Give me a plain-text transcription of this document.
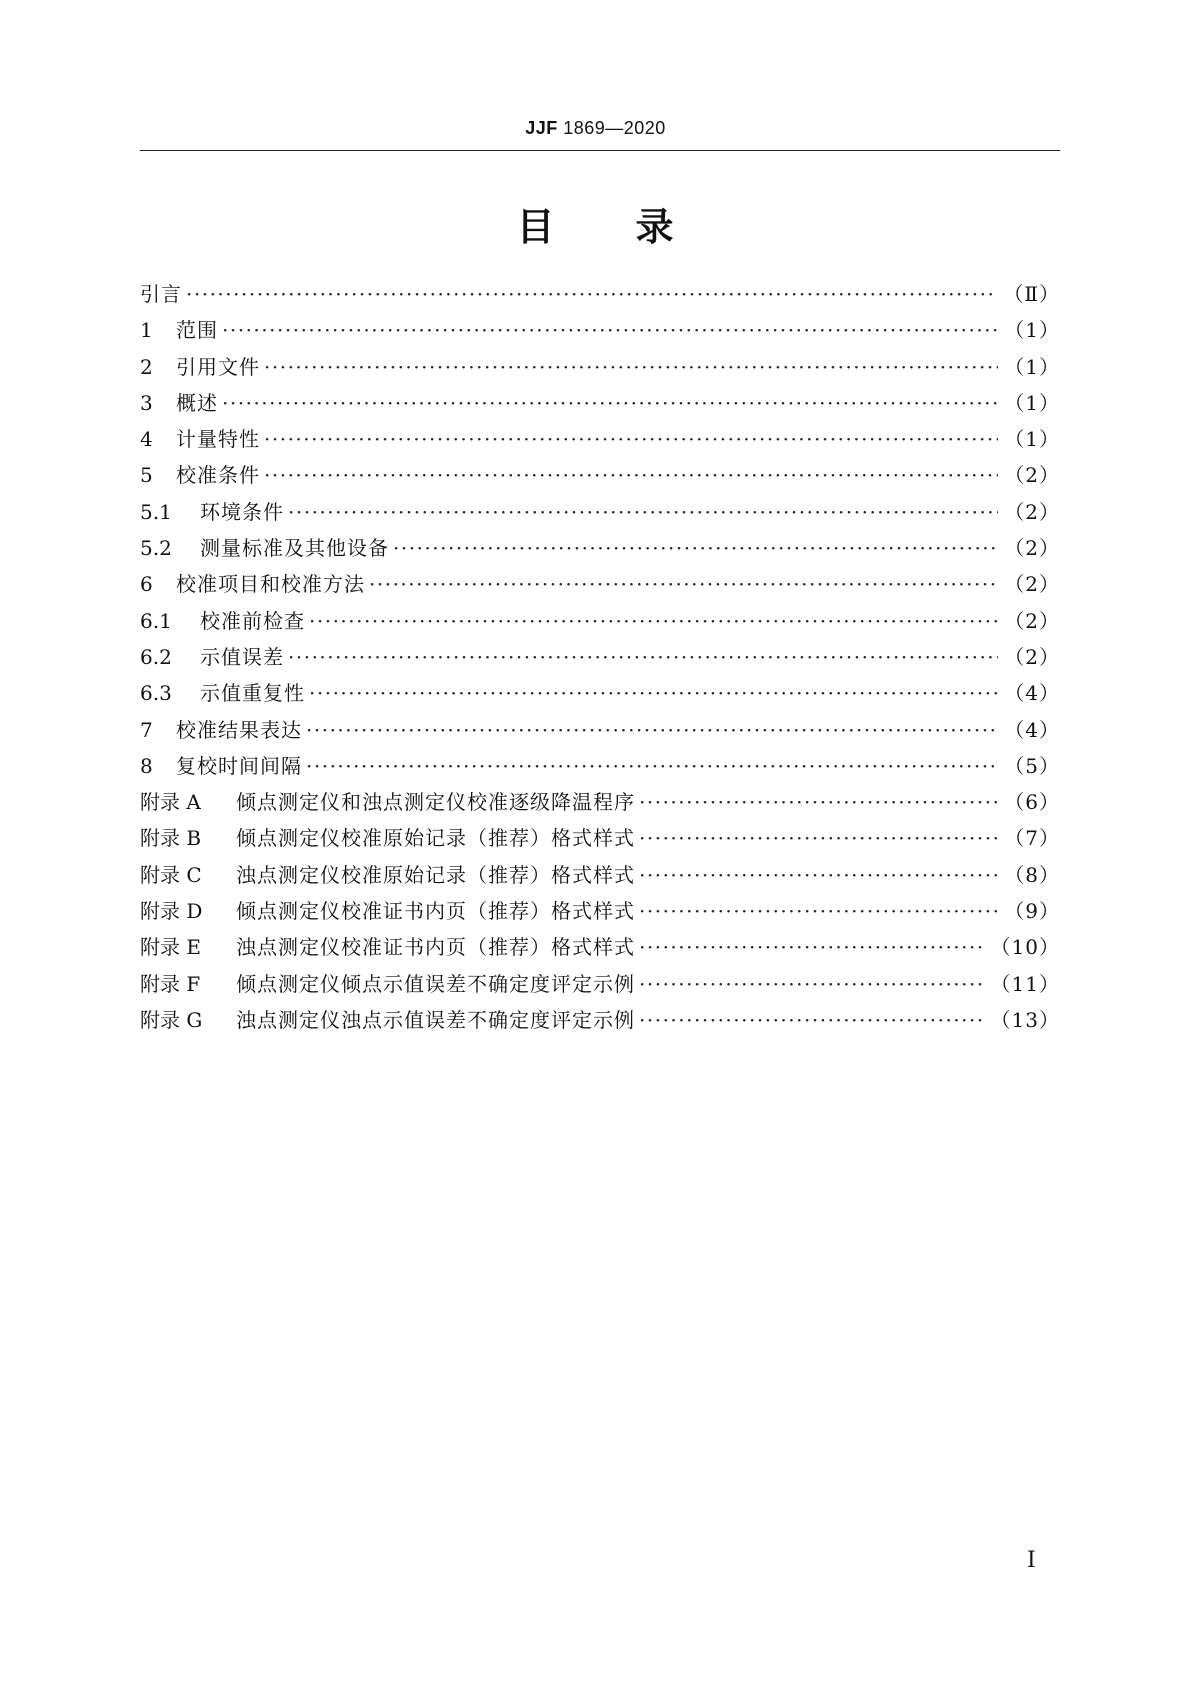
JJF 1869—2020
目 录
引言 ·····	（Ⅱ）
1	范围 ·····	（1）
2	引用文件 ·····	（1）
3	概述 ·····	（1）
4	计量特性 ·····	（1）
5	校准条件 ·····	（2）
5.1	环境条件 ·····	（2）
5.2	测量标准及其他设备 ·····	（2）
6	校准项目和校准方法 ·····	（2）
6.1	校准前检查 ·····	（2）
6.2	示值误差 ·····	（2）
6.3	示值重复性 ·····	（4）
7	校准结果表达 ·····	（4）
8	复校时间间隔 ·····	（5）
附录 A	倾点测定仪和浊点测定仪校准逐级降温程序 ·····	（6）
附录 B	倾点测定仪校准原始记录（推荐）格式样式 ·····	（7）
附录 C	浊点测定仪校准原始记录（推荐）格式样式 ·····	（8）
附录 D	倾点测定仪校准证书内页（推荐）格式样式 ·····	（9）
附录 E	浊点测定仪校准证书内页（推荐）格式样式 ·····	（10）
附录 F	倾点测定仪倾点示值误差不确定度评定示例 ·····	（11）
附录 G	浊点测定仪浊点示值误差不确定度评定示例 ·····	（13）
Ⅰ
